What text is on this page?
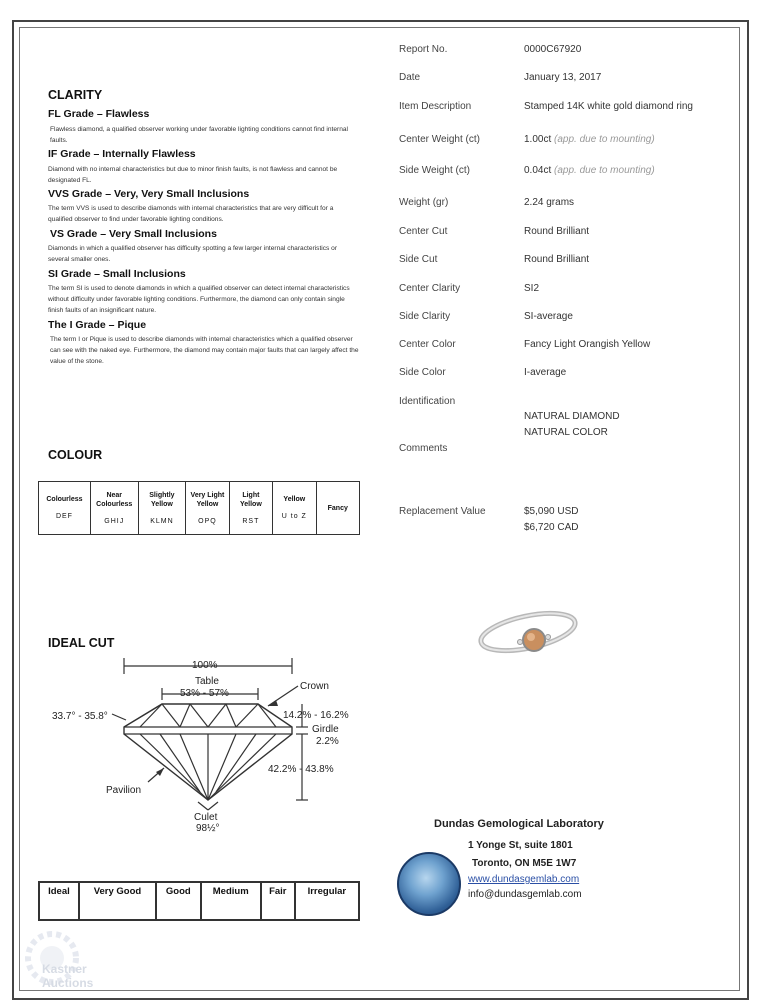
CLARITY
FL Grade – Flawless
Flawless diamond, a qualified observer working under favorable lighting conditions cannot find internal faults.
IF Grade – Internally Flawless
Diamond with no internal characteristics but due to minor finish faults, is not flawless and cannot be designated FL.
VVS Grade – Very, Very Small Inclusions
The term VVS is used to describe diamonds with internal characteristics that are very difficult for a qualified observer to find under favorable lighting conditions.
VS Grade – Very Small Inclusions
Diamonds in which a qualified observer has difficulty spotting a few larger internal characteristics or several smaller ones.
SI Grade – Small Inclusions
The term SI is used to denote diamonds in which a qualified observer can detect internal characteristics without difficulty under favorable lighting conditions. Furthermore, the diamond can only contain single finish faults of an insignificant nature.
The I Grade – Pique
The term I or Pique is used to describe diamonds with internal characteristics which a qualified observer can see with the naked eye. Furthermore, the diamond may contain major faults that can largely affect the value of the stone.
COLOUR
Colourless
DEF

Near Colourless
GHIJ

Slightly Yellow
KLMN

Very Light Yellow
OPQ

Light Yellow
RST

Yellow
U to Z

Fancy
IDEAL CUT
100%
Table
53% - 57%
Crown
33.7° - 35.8°	14.2% - 16.2%
Girdle
2.2%
42.2% - 43.8%
Pavilion
Culet
98½°
Ideal	Very Good	Good	Medium	Fair	Irregular
Report No.	0000C67920
Date	January 13, 2017
Item Description	Stamped 14K white gold diamond ring
Center Weight (ct)	1.00ct (app. due to mounting)
Side Weight (ct)	0.04ct (app. due to mounting)
Weight (gr)	2.24 grams
Center Cut	Round Brilliant
Side Cut	Round Brilliant
Center Clarity	SI2
Side Clarity	SI-average
Center Color	Fancy Light Orangish Yellow
Side Color	I-average
Identification
NATURAL DIAMOND
NATURAL COLOR
Comments
Replacement Value	$5,090 USD
$6,720 CAD
Dundas Gemological Laboratory
1 Yonge St, suite 1801
Toronto, ON M5E 1W7
www.dundasgemlab.com
info@dundasgemlab.com
Kastner Auctions
